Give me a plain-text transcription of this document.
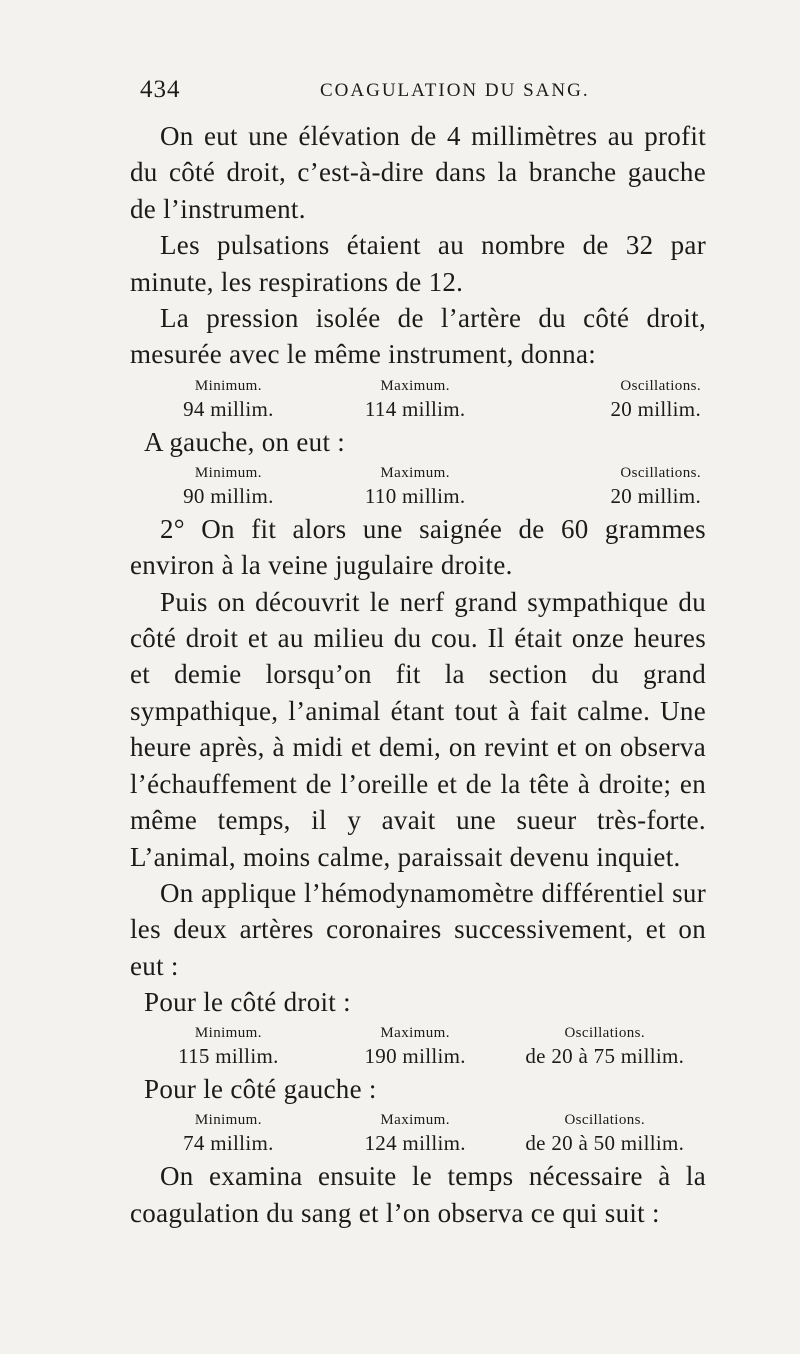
434	COAGULATION DU SANG.

On eut une élévation de 4 millimètres au profit du côté droit, c’est-à-dire dans la branche gauche de l’instrument.

Les pulsations étaient au nombre de 32 par minute, les respirations de 12.

La pression isolée de l’artère du côté droit, mesurée avec le même instrument, donna:

Minimum.	Maximum.	Oscillations.
94 millim.	114 millim.	20 millim.
A gauche, on eut :
Minimum.	Maximum.	Oscillations.
90 millim.	110 millim.	20 millim.

2° On fit alors une saignée de 60 grammes environ à la veine jugulaire droite.

Puis on découvrit le nerf grand sympathique du côté droit et au milieu du cou. Il était onze heures et demie lorsqu’on fit la section du grand sympathique, l’animal étant tout à fait calme. Une heure après, à midi et demi, on revint et on observa l’échauffement de l’oreille et de la tête à droite; en même temps, il y avait une sueur très-forte. L’animal, moins calme, paraissait devenu inquiet.

On applique l’hémodynamomètre différentiel sur les deux artères coronaires successivement, et on eut :

Pour le côté droit :
Minimum.	Maximum.	Oscillations.
115 millim.	190 millim.	de 20 à 75 millim.
Pour le côté gauche :
Minimum.	Maximum.	Oscillations.
74 millim.	124 millim.	de 20 à 50 millim.

On examina ensuite le temps nécessaire à la coagulation du sang et l’on observa ce qui suit :
